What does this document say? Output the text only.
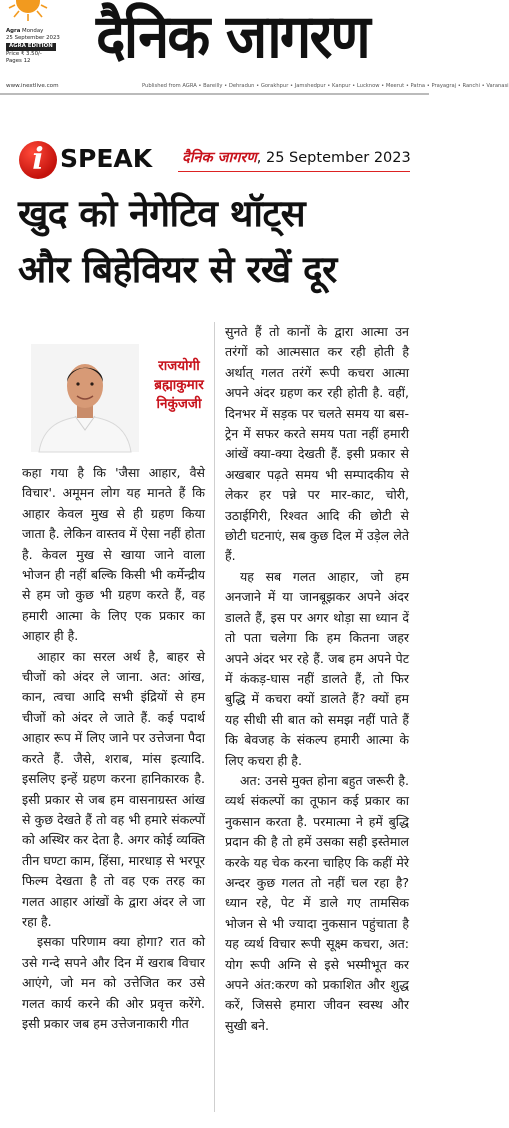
Agra Monday
25 September 2023
AGRA EDITION
Price ₹ 3.50/-
Pages 12	दैनिक जागरण
www.inextlive.com	Published from AGRA • Bareilly • Dehradun • Gorakhpur • Jamshedpur • Kanpur • Lucknow • Meerut • Patna • Prayagraj • Ranchi • Varanasi
i SPEAK दैनिक जागरण, 25 September 2023
खुद को नेगेटिव थॉट्स
और बिहेवियर से रखें दूर
राजयोगी
ब्रह्माकुमार
निकुंजजी

कहा गया है कि 'जैसा आहार, वैसे विचार'. अमूमन लोग यह मानते हैं कि आहार केवल मुख से ही ग्रहण किया जाता है. लेकिन वास्तव में ऐसा नहीं होता है. केवल मुख से खाया जाने वाला भोजन ही नहीं बल्कि किसी भी कर्मेन्द्रीय से हम जो कुछ भी ग्रहण करते हैं, वह हमारी आत्मा के लिए एक प्रकार का आहार ही है.

आहार का सरल अर्थ है, बाहर से चीजों को अंदर ले जाना. अत: आंख, कान, त्वचा आदि सभी इंद्रियों से हम चीजों को अंदर ले जाते हैं. कई पदार्थ आहार रूप में लिए जाने पर उत्तेजना पैदा करते हैं. जैसे, शराब, मांस इत्यादि. इसलिए इन्हें ग्रहण करना हानिकारक है. इसी प्रकार से जब हम वासनाग्रस्त आंख से कुछ देखते हैं तो वह भी हमारे संकल्पों को अस्थिर कर देता है. अगर कोई व्यक्ति तीन घण्टा काम, हिंसा, मारधाड़ से भरपूर फिल्म देखता है तो वह एक तरह का गलत आहार आंखों के द्वारा अंदर ले जा रहा है.

इसका परिणाम क्या होगा? रात को उसे गन्दे सपने और दिन में खराब विचार आएंगे, जो मन को उत्तेजित कर उसे गलत कार्य करने की ओर प्रवृत्त करेंगे. इसी प्रकार जब हम उत्तेजनाकारी गीत

सुनते हैं तो कानों के द्वारा आत्मा उन तरंगों को आत्मसात कर रही होती है अर्थात् गलत तरंगें रूपी कचरा आत्मा अपने अंदर ग्रहण कर रही होती है. वहीं, दिनभर में सड़क पर चलते समय या बस-ट्रेन में सफर करते समय पता नहीं हमारी आंखें क्या-क्या देखती हैं. इसी प्रकार से अखबार पढ़ते समय भी सम्पादकीय से लेकर हर पन्ने पर मार-काट, चोरी, उठाईगिरी, रिश्वत आदि की छोटी से छोटी घटनाएं, सब कुछ दिल में उड़ेल लेते हैं.

यह सब गलत आहार, जो हम अनजाने में या जानबूझकर अपने अंदर डालते हैं, इस पर अगर थोड़ा सा ध्यान दें तो पता चलेगा कि हम कितना जहर अपने अंदर भर रहे हैं. जब हम अपने पेट में कंकड़-घास नहीं डालते हैं, तो फिर बुद्धि में कचरा क्यों डालते हैं? क्यों हम यह सीधी सी बात को समझ नहीं पाते हैं कि बेवजह के संकल्प हमारी आत्मा के लिए कचरा ही है.

अत: उनसे मुक्त होना बहुत जरूरी है. व्यर्थ संकल्पों का तूफान कई प्रकार का नुकसान करता है. परमात्मा ने हमें बुद्धि प्रदान की है तो हमें उसका सही इस्तेमाल करके यह चेक करना चाहिए कि कहीं मेरे अन्दर कुछ गलत तो नहीं चल रहा है? ध्यान रहे, पेट में डाले गए तामसिक भोजन से भी ज्यादा नुकसान पहुंचाता है यह व्यर्थ विचार रूपी सूक्ष्म कचरा, अत: योग रूपी अग्नि से इसे भस्मीभूत कर अपने अंत:करण को प्रकाशित और शुद्ध करें, जिससे हमारा जीवन स्वस्थ और सुखी बने.
